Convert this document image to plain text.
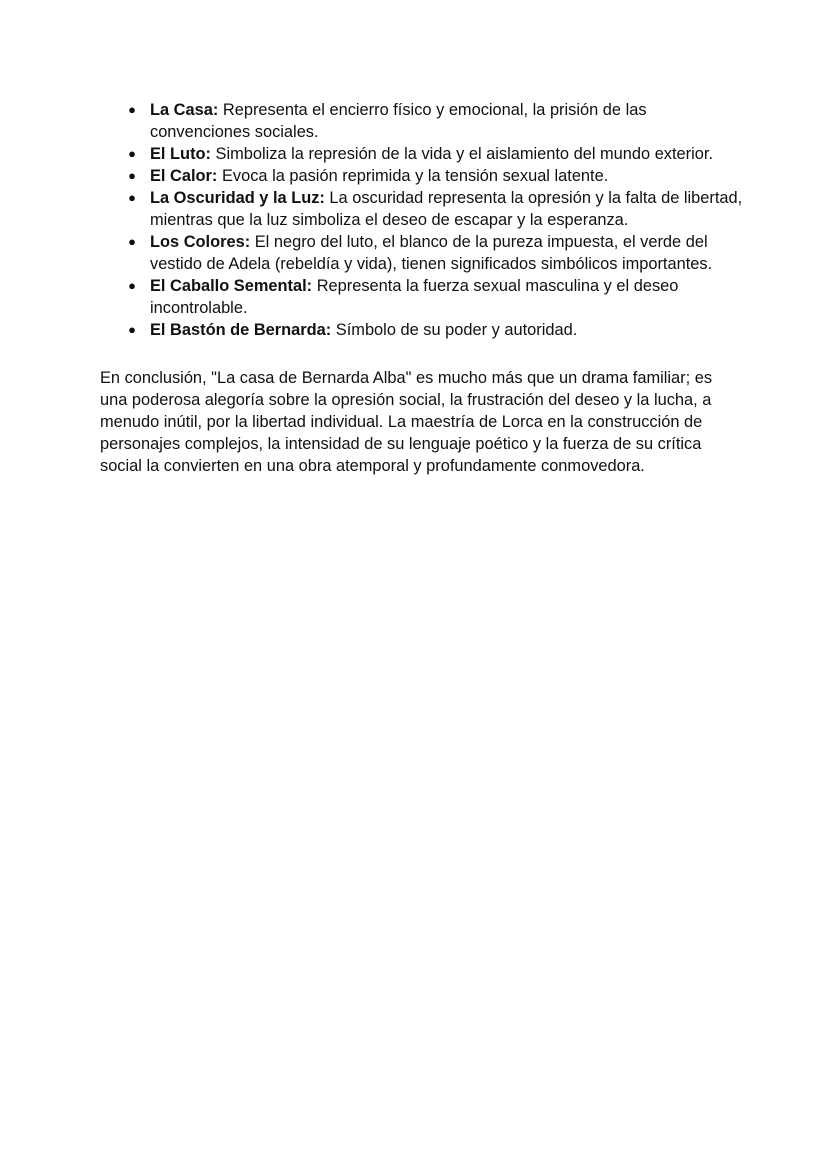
● La Casa: Representa el encierro físico y emocional, la prisión de las convenciones sociales.
● El Luto: Simboliza la represión de la vida y el aislamiento del mundo exterior.
● El Calor: Evoca la pasión reprimida y la tensión sexual latente.
● La Oscuridad y la Luz: La oscuridad representa la opresión y la falta de libertad, mientras que la luz simboliza el deseo de escapar y la esperanza.
● Los Colores: El negro del luto, el blanco de la pureza impuesta, el verde del vestido de Adela (rebeldía y vida), tienen significados simbólicos importantes.
● El Caballo Semental: Representa la fuerza sexual masculina y el deseo incontrolable.
● El Bastón de Bernarda: Símbolo de su poder y autoridad.

En conclusión, "La casa de Bernarda Alba" es mucho más que un drama familiar; es una poderosa alegoría sobre la opresión social, la frustración del deseo y la lucha, a menudo inútil, por la libertad individual. La maestría de Lorca en la construcción de personajes complejos, la intensidad de su lenguaje poético y la fuerza de su crítica social la convierten en una obra atemporal y profundamente conmovedora.
